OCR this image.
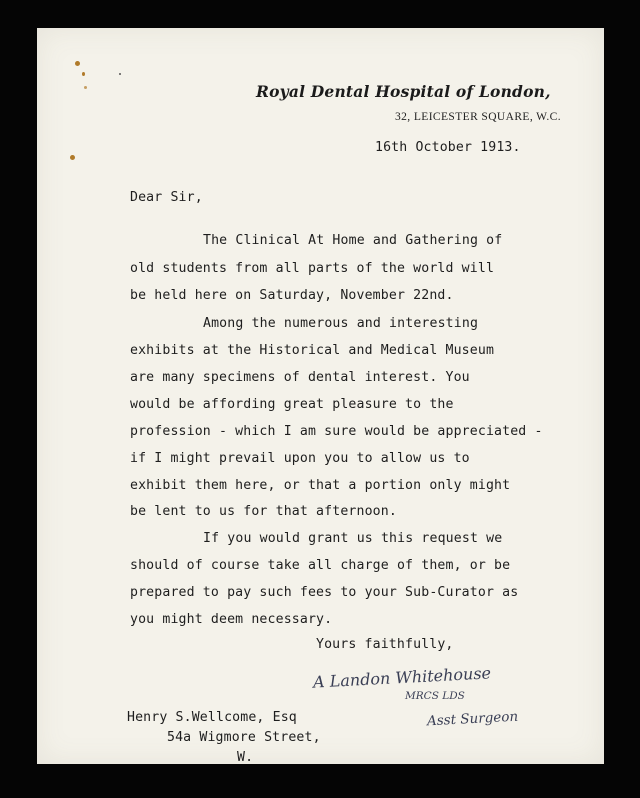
Royal Dental Hospital of London,
32, LEICESTER SQUARE, W.C.
16th October 1913.
Dear Sir,
The Clinical At Home and Gathering of
old students from all parts of the world will
be held here on Saturday, November 22nd.
Among the numerous and interesting
exhibits at the Historical and Medical Museum
are many specimens of dental interest. You
would be affording great pleasure to the
profession - which I am sure would be appreciated -
if I might prevail upon you to allow us to
exhibit them here, or that a portion only might
be lent to us for that afternoon.
If you would grant us this request we
should of course take all charge of them, or be
prepared to pay such fees to your Sub-Curator as
you might deem necessary.
Yours faithfully,
A Landon Whitehouse
MRCS LDS
Asst Surgeon
Henry S.Wellcome, Esq
54a Wigmore Street,
W.
